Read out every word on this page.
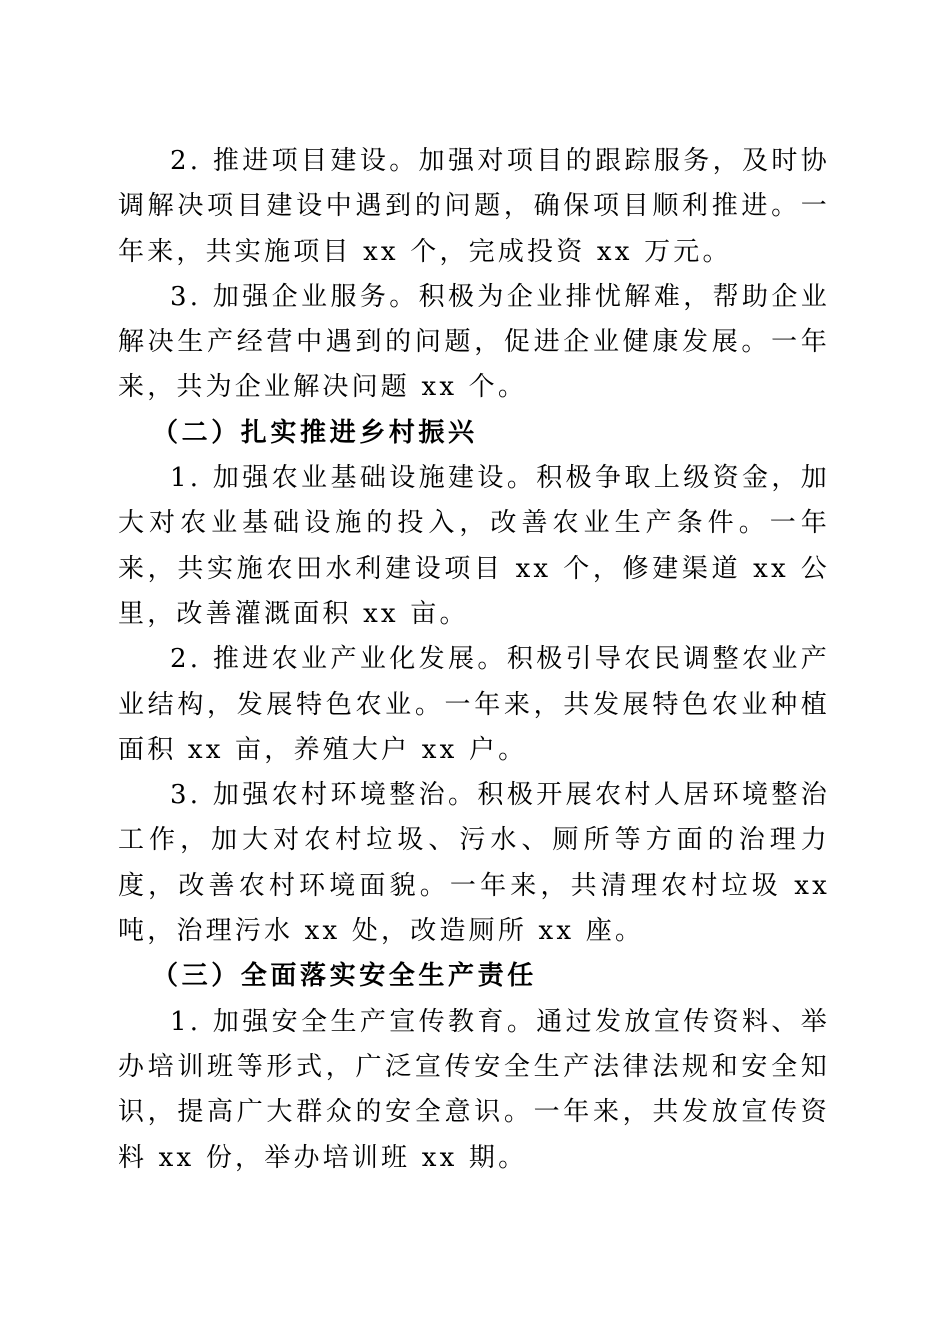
2. 推进项目建设。加强对项目的跟踪服务，及时协调解决项目建设中遇到的问题，确保项目顺利推进。一年来，共实施项目 xx 个，完成投资 xx 万元。

3. 加强企业服务。积极为企业排忧解难，帮助企业解决生产经营中遇到的问题，促进企业健康发展。一年来，共为企业解决问题 xx 个。

（二）扎实推进乡村振兴

1. 加强农业基础设施建设。积极争取上级资金，加大对农业基础设施的投入，改善农业生产条件。一年来，共实施农田水利建设项目 xx 个，修建渠道 xx 公里，改善灌溉面积 xx 亩。

2. 推进农业产业化发展。积极引导农民调整农业产业结构，发展特色农业。一年来，共发展特色农业种植面积 xx 亩，养殖大户 xx 户。

3. 加强农村环境整治。积极开展农村人居环境整治工作，加大对农村垃圾、污水、厕所等方面的治理力度，改善农村环境面貌。一年来，共清理农村垃圾 xx 吨，治理污水 xx 处，改造厕所 xx 座。

（三）全面落实安全生产责任

1. 加强安全生产宣传教育。通过发放宣传资料、举办培训班等形式，广泛宣传安全生产法律法规和安全知识，提高广大群众的安全意识。一年来，共发放宣传资料 xx 份，举办培训班 xx 期。
